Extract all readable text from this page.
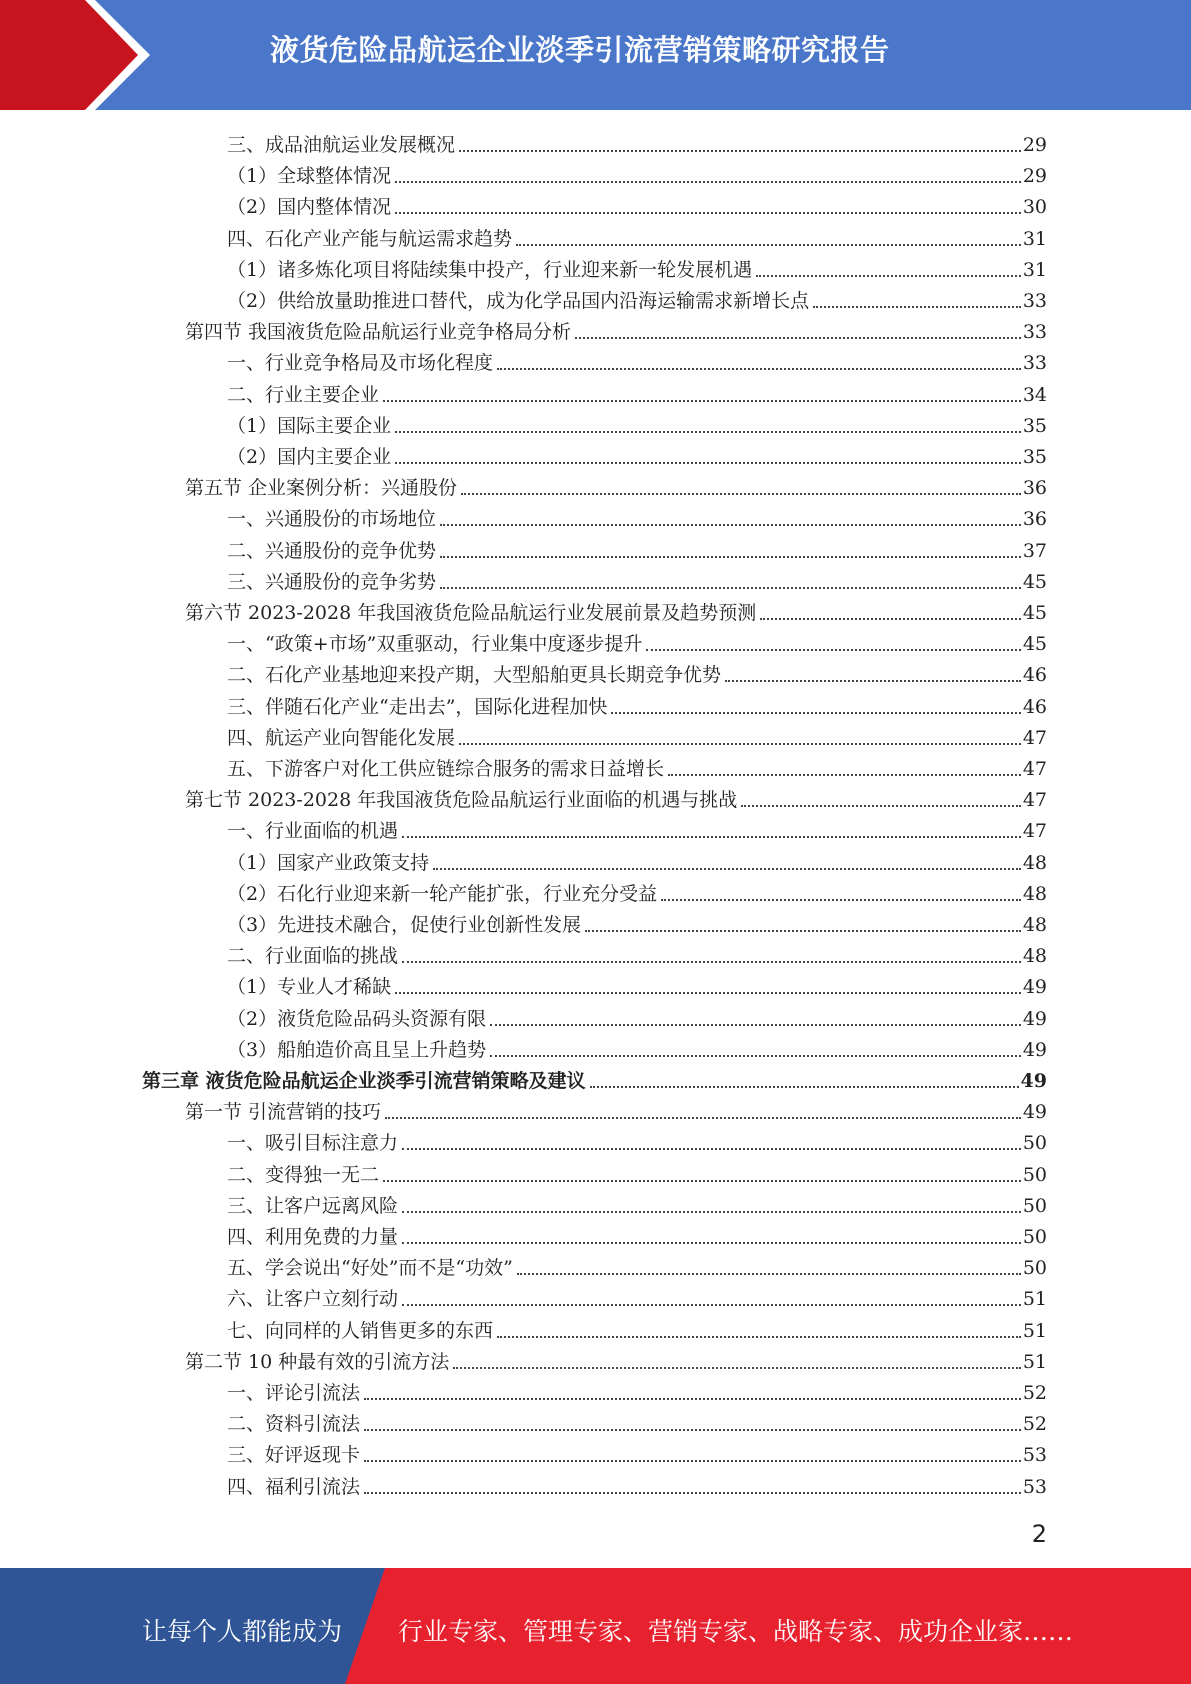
液货危险品航运企业淡季引流营销策略研究报告
三、成品油航运业发展概况	29
（1）全球整体情况	29
（2）国内整体情况	30
四、石化产业产能与航运需求趋势	31
（1）诸多炼化项目将陆续集中投产，行业迎来新一轮发展机遇	31
（2）供给放量助推进口替代，成为化学品国内沿海运输需求新增长点	33
第四节 我国液货危险品航运行业竞争格局分析	33
一、行业竞争格局及市场化程度	33
二、行业主要企业	34
（1）国际主要企业	35
（2）国内主要企业	35
第五节 企业案例分析：兴通股份	36
一、兴通股份的市场地位	36
二、兴通股份的竞争优势	37
三、兴通股份的竞争劣势	45
第六节 2023-2028 年我国液货危险品航运行业发展前景及趋势预测	45
一、“政策+市场”双重驱动，行业集中度逐步提升	45
二、石化产业基地迎来投产期，大型船舶更具长期竞争优势	46
三、伴随石化产业“走出去”，国际化进程加快	46
四、航运产业向智能化发展	47
五、下游客户对化工供应链综合服务的需求日益增长	47
第七节 2023-2028 年我国液货危险品航运行业面临的机遇与挑战	47
一、行业面临的机遇	47
（1）国家产业政策支持	48
（2）石化行业迎来新一轮产能扩张，行业充分受益	48
（3）先进技术融合，促使行业创新性发展	48
二、行业面临的挑战	48
（1）专业人才稀缺	49
（2）液货危险品码头资源有限	49
（3）船舶造价高且呈上升趋势	49
第三章 液货危险品航运企业淡季引流营销策略及建议	49
第一节 引流营销的技巧	49
一、吸引目标注意力	50
二、变得独一无二	50
三、让客户远离风险	50
四、利用免费的力量	50
五、学会说出“好处”而不是“功效”	50
六、让客户立刻行动	51
七、向同样的人销售更多的东西	51
第二节 10 种最有效的引流方法	51
一、评论引流法	52
二、资料引流法	52
三、好评返现卡	53
四、福利引流法	53
2
让每个人都能成为 行业专家、管理专家、营销专家、战略专家、成功企业家……
